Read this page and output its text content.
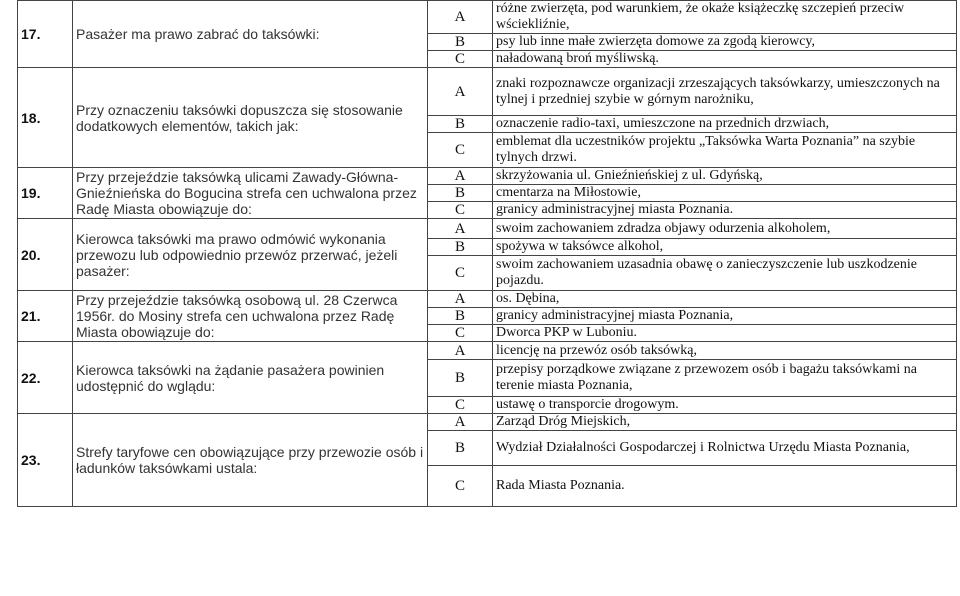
17.	Pasażer ma prawo zabrać do taksówki:	A	różne zwierzęta, pod warunkiem, że okaże książeczkę szczepień przeciw wściekliźnie,
		B	psy lub inne małe zwierzęta domowe za zgodą kierowcy,
		C	naładowaną broń myśliwską.
18.	Przy oznaczeniu taksówki dopuszcza się stosowanie dodatkowych elementów, takich jak:	A	znaki rozpoznawcze organizacji zrzeszających taksówkarzy, umieszczonych na tylnej i przedniej szybie w górnym narożniku,
		B	oznaczenie radio-taxi, umieszczone na przednich drzwiach,
		C	emblemat dla uczestników projektu „Taksówka Warta Poznania” na szybie tylnych drzwi.
19.	Przy przejeździe taksówką ulicami Zawady-Główna-Gnieźnieńska do Bogucina strefa cen uchwalona przez Radę Miasta obowiązuje do:	A	skrzyżowania ul. Gnieźnieńskiej z ul. Gdyńską,
		B	cmentarza na Miłostowie,
		C	granicy administracyjnej miasta Poznania.
20.	Kierowca taksówki ma prawo odmówić wykonania przewozu lub odpowiednio przewóz przerwać, jeżeli pasażer:	A	swoim zachowaniem zdradza objawy odurzenia alkoholem,
		B	spożywa w taksówce alkohol,
		C	swoim zachowaniem uzasadnia obawę o zanieczyszczenie lub uszkodzenie pojazdu.
21.	Przy przejeździe taksówką osobową ul. 28 Czerwca 1956r. do Mosiny strefa cen uchwalona przez Radę Miasta obowiązuje do:	A	os. Dębina,
		B	granicy administracyjnej miasta Poznania,
		C	Dworca PKP w Luboniu.
22.	Kierowca taksówki na żądanie pasażera powinien udostępnić do wglądu:	A	licencję na przewóz osób taksówką,
		B	przepisy porządkowe związane z przewozem osób i bagażu taksówkami na terenie miasta Poznania,
		C	ustawę o transporcie drogowym.
23.	Strefy taryfowe cen obowiązujące przy przewozie osób i ładunków taksówkami ustala:	A	Zarząd Dróg Miejskich,
		B	Wydział Działalności Gospodarczej i Rolnictwa Urzędu Miasta Poznania,
		C	Rada Miasta Poznania.
